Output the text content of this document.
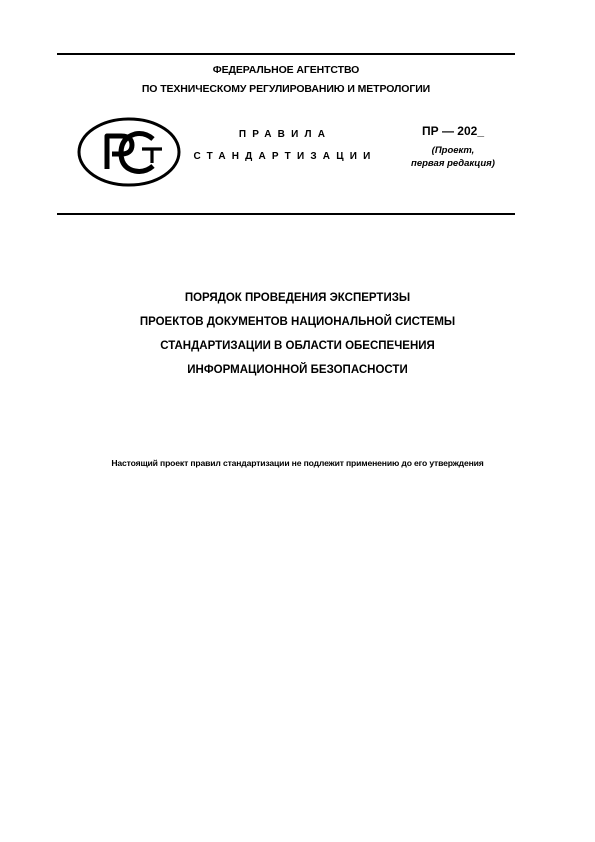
ФЕДЕРАЛЬНОЕ АГЕНТСТВО
ПО ТЕХНИЧЕСКОМУ РЕГУЛИРОВАНИЮ И МЕТРОЛОГИИ
ПРАВИЛА
СТАНДАРТИЗАЦИИ
ПР — 202_
(Проект,
первая редакция)
ПОРЯДОК ПРОВЕДЕНИЯ ЭКСПЕРТИЗЫ
ПРОЕКТОВ ДОКУМЕНТОВ НАЦИОНАЛЬНОЙ СИСТЕМЫ
СТАНДАРТИЗАЦИИ В ОБЛАСТИ ОБЕСПЕЧЕНИЯ
ИНФОРМАЦИОННОЙ БЕЗОПАСНОСТИ
Настоящий проект правил стандартизации не подлежит применению до его утверждения
